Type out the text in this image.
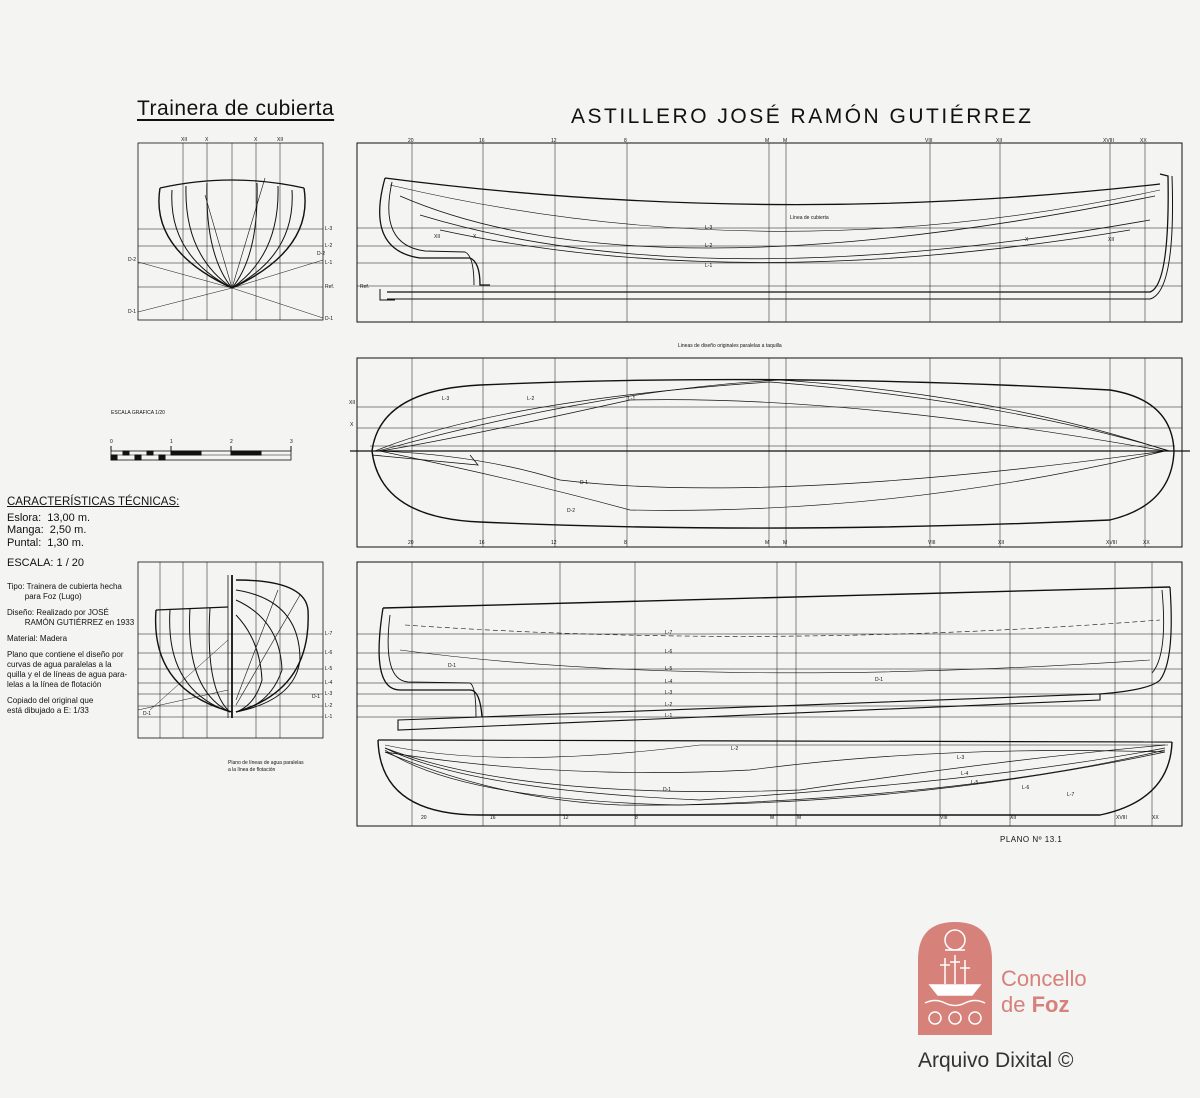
Trainera de cubierta	ASTILLERO JOSÉ RAMÓN GUTIÉRREZ
CARACTERÍSTICAS TÉCNICAS:
Eslora: 13,00 m.
Manga: 2,50 m.
Puntal: 1,30 m.
ESCALA: 1 / 20

Tipo: Trainera de cubierta hecha
para Foz (Lugo)

Diseño: Realizado por JOSÉ
RAMÓN GUTIÉRREZ en 1933

Material: Madera

Plano que contiene el diseño por
curvas de agua paralelas a la
quilla y el de líneas de agua para-
lelas a la línea de flotación

Copiado del original que
está dibujado a E: 1/33

ESCALA GRAFICA 1/20
0	1	2	3
Lineas de diseño originales paralelas a taquilla
Plano de líneas de agua paralelas
a la línea de flotación
Línea de cubierta
PLANO Nº 13.1
20	16	12	8	M	M	VIII	XII	XVIII	XX
20	16	12	8	M	M	VIII	XII	XVIII	XX
20	16	12	8	M	M	VIII	XII	XVIII	XX
XII	X	X	XII
L-3
L-2
L-1
D-2
Ref.
D-1
D-2
D-1
L-3
L-2
L-1
Ref.
XII	X	X	XII
L-3	L-2	L-1
D-1
D-2
XII
X
L-7
L-6
L-5
L-4
L-3
L-2
L-1
D-1
D-1
L-7
L-6
L-5
L-4
L-3
L-2
L-1
D-1
D-1
L-2
L-3
L-4
L-5
L-6
L-7
D-1
Concello
de Foz
Arquivo Dixital ©
